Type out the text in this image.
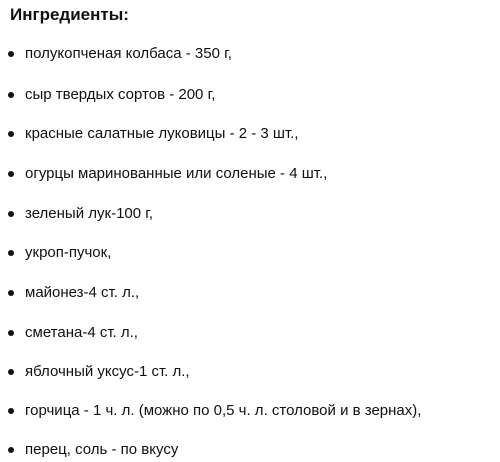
Ингредиенты:
полукопченая колбаса - 350 г,
сыр твердых сортов - 200 г,
красные салатные луковицы - 2 - 3 шт.,
огурцы маринованные или соленые - 4 шт.,
зеленый лук-100 г,
укроп-пучок,
майонез-4 ст. л.,
сметана-4 ст. л.,
яблочный уксус-1 ст. л.,
горчица - 1 ч. л. (можно по 0,5 ч. л. столовой и в зернах),
перец, соль - по вкусу
